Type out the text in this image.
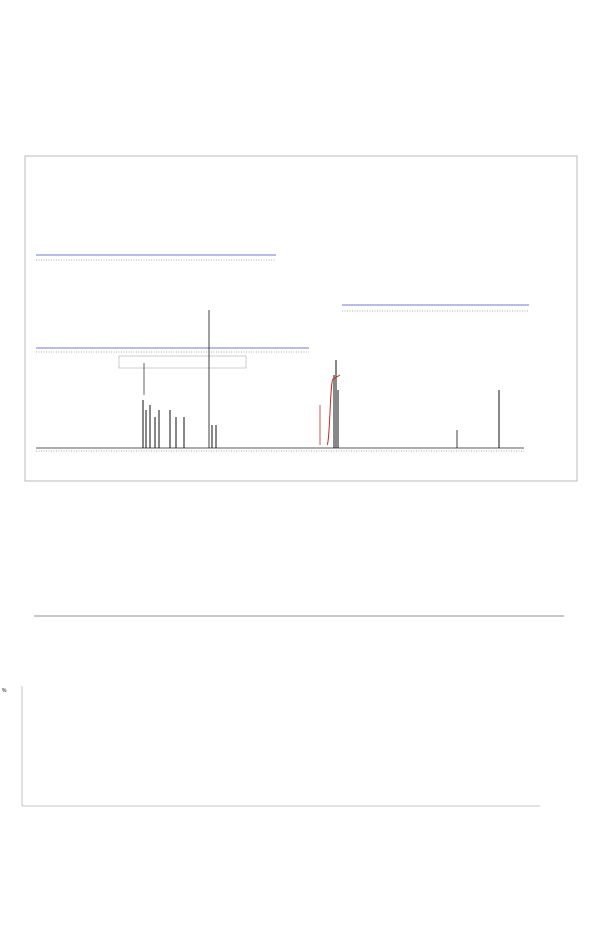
%
